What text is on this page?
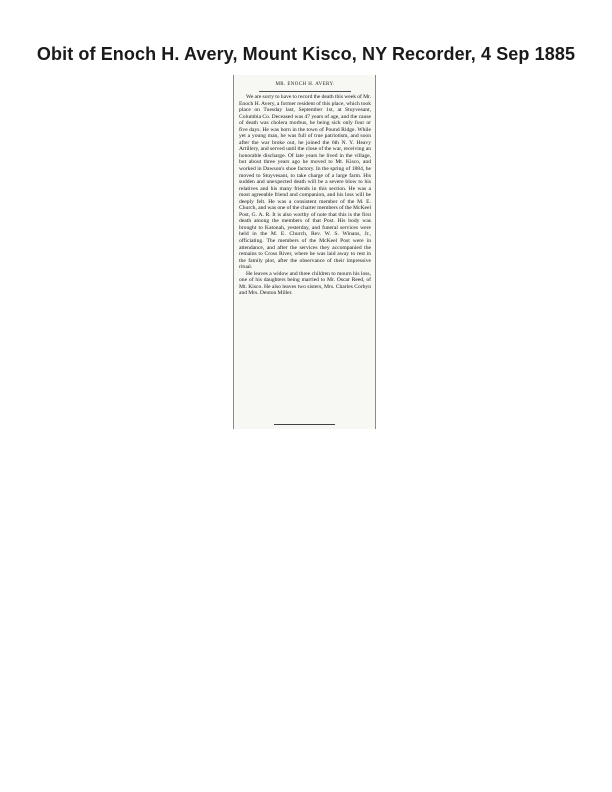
Obit of Enoch H. Avery, Mount Kisco, NY Recorder, 4 Sep 1885
MR. ENOCH H. AVERY.

We are sorry to have to record the death this week of Mr. Enoch H. Avery, a former resident of this place, which took place on Tuesday last, September 1st, at Stuyvesant, Columbia Co. Deceased was 47 years of age, and the cause of death was cholera morbus, he being sick only four or five days. He was born in the town of Pound Ridge. While yet a young man, he was full of true patriotism, and soon after the war broke out, he joined the 6th N. Y. Heavy Artillery, and served until the close of the war, receiving an honorable discharge. Of late years he lived in the village, but about three years ago he moved to Mt. Kisco, and worked in Dawson's shoe factory. In the spring of 1884, he moved to Stuyvesant, to take charge of a large farm. His sudden and unexpected death will be a severe blow to his relatives and his many friends in this section. He was a most agreeable friend and companion, and his loss will be deeply felt. He was a consistent member of the M. E. Church, and was one of the charter members of the McKeel Post, G. A. R. It is also worthy of note that this is the first death among the members of that Post. His body was brought to Katonah, yesterday, and funeral services were held in the M. E. Church, Rev. W. S. Winans, Jr., officiating. The members of the McKeel Post were in attendance, and after the services they accompanied the remains to Cross River, where he was laid away to rest in the family plot, after the observance of their impressive ritual.

He leaves a widow and three children to mourn his loss, one of his daughters being married to Mr. Oscar Reed, of Mt. Kisco. He also leaves two sisters, Mrs. Charles Corbyn and Mrs. Denton Miller.
